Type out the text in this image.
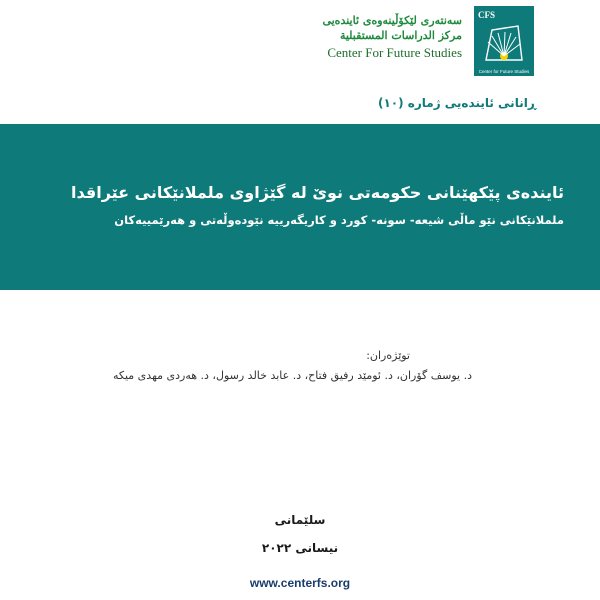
سەنتەری لێکۆڵینەوەی ئایندەیی
مركز الدراسات المستقبلية
Center For Future Studies
CFS
Center for Future Studies
ڕانانی ئایندەیی ژمارە (١٠)
ئایندەی پێکهێنانی حکومەتی نوێ لە گێژاوی ململانێکانی عێراقدا
ململانێکانی نێو ماڵی شیعە- سونە- کورد و کاریگەرییە نێودەوڵەتی و هەرێمییەکان
توێژەران:
د. یوسف گۆران، د. ئومێد رفیق فتاح، د. عابد خالد رسول، د. هەردی مهدی میکە
سلێمانی
نیسانی ٢٠٢٢
www.centerfs.org
